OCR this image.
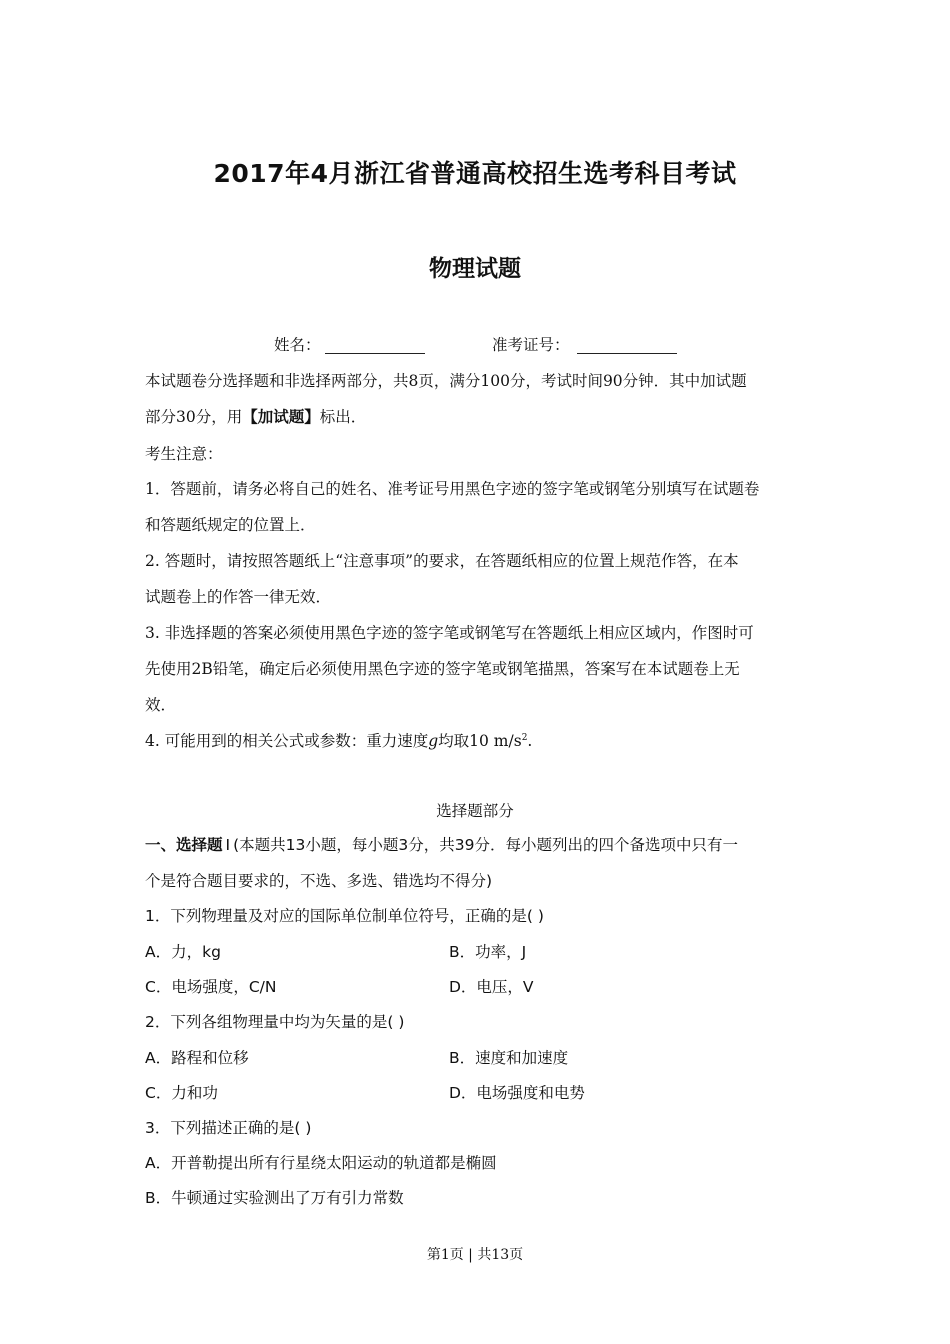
2017年4月浙江省普通高校招生选考科目考试
物理试题
姓名：	准考证号：
本试题卷分选择题和非选择两部分，共8页，满分100分，考试时间90分钟．其中加试题
部分30分，用【加试题】标出．
考生注意：
1．答题前，请务必将自己的姓名、准考证号用黑色字迹的签字笔或钢笔分别填写在试题卷
和答题纸规定的位置上．
2. 答题时，请按照答题纸上“注意事项”的要求，在答题纸相应的位置上规范作答，在本
试题卷上的作答一律无效．
3. 非选择题的答案必须使用黑色字迹的签字笔或钢笔写在答题纸上相应区域内，作图时可
先使用2B铅笔，确定后必须使用黑色字迹的签字笔或钢笔描黑，答案写在本试题卷上无
效．
4. 可能用到的相关公式或参数：重力速度g均取10 $m/s^2$.
选择题部分
一、选择题 Ⅰ (本题共13小题，每小题3分，共39分．每小题列出的四个备选项中只有一
个是符合题目要求的，不选、多选、错选均不得分)
1．下列物理量及对应的国际单位制单位符号，正确的是( )
A．力，kg	B．功率，J
C．电场强度，C/N	D．电压，V
2．下列各组物理量中均为矢量的是( )
A．路程和位移	B．速度和加速度
C．力和功	D．电场强度和电势
3．下列描述正确的是( )
A．开普勒提出所有行星绕太阳运动的轨道都是椭圆
B．牛顿通过实验测出了万有引力常数
第1页 | 共13页
